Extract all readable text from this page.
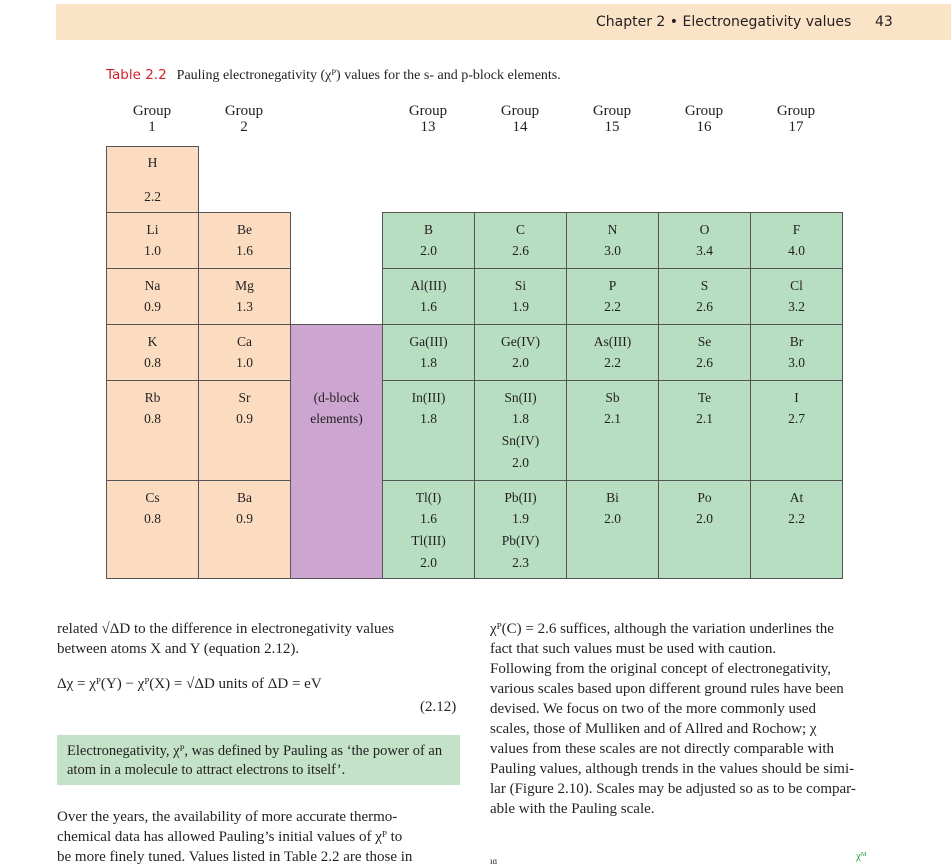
Chapter 2 • Electronegativity values 43
Table 2.2 Pauling electronegativity (χᴾ) values for the s- and p-block elements.
Group
1
Group
2
Group
13
Group
14
Group
15
Group
16
Group
17
H
2.2
Li
1.0
Be
1.6
B
2.0
C
2.6
N
3.0
O
3.4
F
4.0
Na
0.9
Mg
1.3
Al(III)
1.6
Si
1.9
P
2.2
S
2.6
Cl
3.2
K
0.8
Ca
1.0
Ga(III)
1.8
Ge(IV)
2.0
As(III)
2.2
Se
2.6
Br
3.0
Rb
0.8
Sr
0.9
In(III)
1.8
Sn(II)
1.8
Sn(IV)
2.0
Sb
2.1
Te
2.1
I
2.7
Cs
0.8
Ba
0.9
Tl(I)
1.6
Tl(III)
2.0
Pb(II)
1.9
Pb(IV)
2.3
Bi
2.0
Po
2.0
At
2.2
(d-block
elements)
related √ΔD to the difference in electronegativity values
between atoms X and Y (equation 2.12).
Δχ = χᴾ(Y) − χᴾ(X) = √ΔD units of ΔD = eV
(2.12)
Electronegativity, χᴾ, was defined by Pauling as ‘the power of an atom in a molecule to attract electrons to itself’.
Over the years, the availability of more accurate thermo-
chemical data has allowed Pauling’s initial values of χᴾ to
be more finely tuned. Values listed in Table 2.2 are those in
χᴾ(C) = 2.6 suffices, although the variation underlines the
fact that such values must be used with caution.
Following from the original concept of electronegativity,
various scales based upon different ground rules have been
devised. We focus on two of the more commonly used
scales, those of Mulliken and of Allred and Rochow; χ
values from these scales are not directly comparable with
Pauling values, although trends in the values should be simi-
lar (Figure 2.10). Scales may be adjusted so as to be compar-
able with the Pauling scale.
χᴹ
ıɑ
